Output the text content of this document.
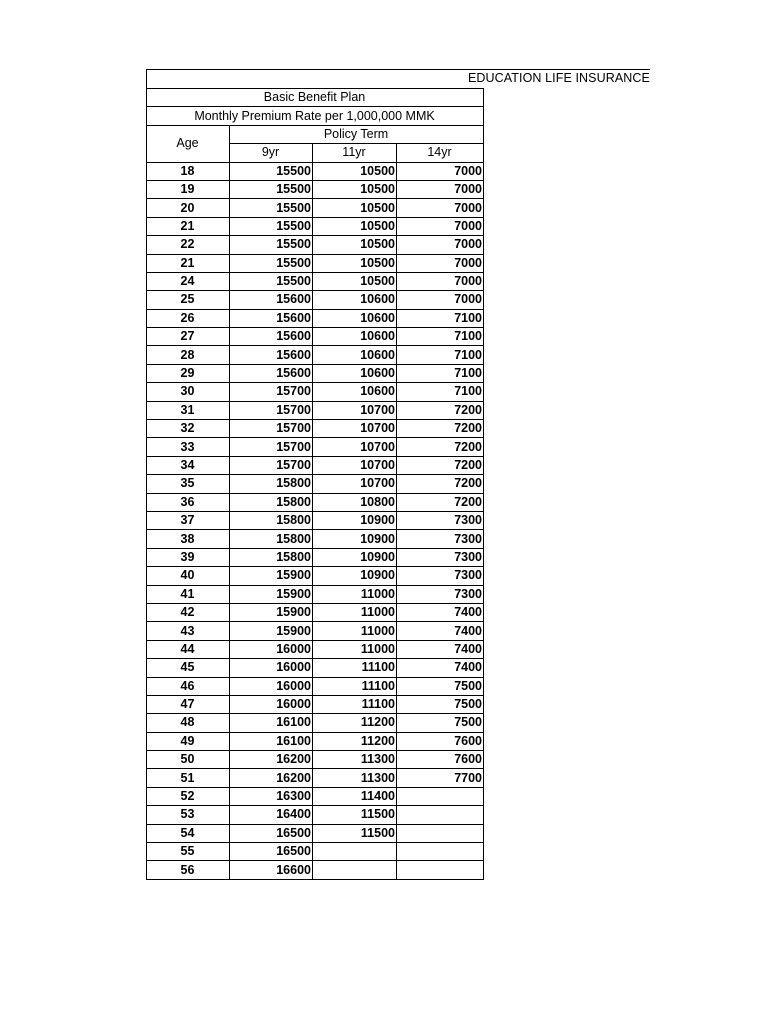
EDUCATION LIFE INSURANCE
Basic Benefit Plan			
Monthly Premium Rate per 1,000,000 MMK			
Age	Policy Term		
	9yr	11yr	14yr
18	15500	10500	7000
19	15500	10500	7000
20	15500	10500	7000
21	15500	10500	7000
22	15500	10500	7000
21	15500	10500	7000
24	15500	10500	7000
25	15600	10600	7000
26	15600	10600	7100
27	15600	10600	7100
28	15600	10600	7100
29	15600	10600	7100
30	15700	10600	7100
31	15700	10700	7200
32	15700	10700	7200
33	15700	10700	7200
34	15700	10700	7200
35	15800	10700	7200
36	15800	10800	7200
37	15800	10900	7300
38	15800	10900	7300
39	15800	10900	7300
40	15900	10900	7300
41	15900	11000	7300
42	15900	11000	7400
43	15900	11000	7400
44	16000	11000	7400
45	16000	11100	7400
46	16000	11100	7500
47	16000	11100	7500
48	16100	11200	7500
49	16100	11200	7600
50	16200	11300	7600
51	16200	11300	7700
52	16300	11400	
53	16400	11500	
54	16500	11500	
55	16500		
56	16600		
